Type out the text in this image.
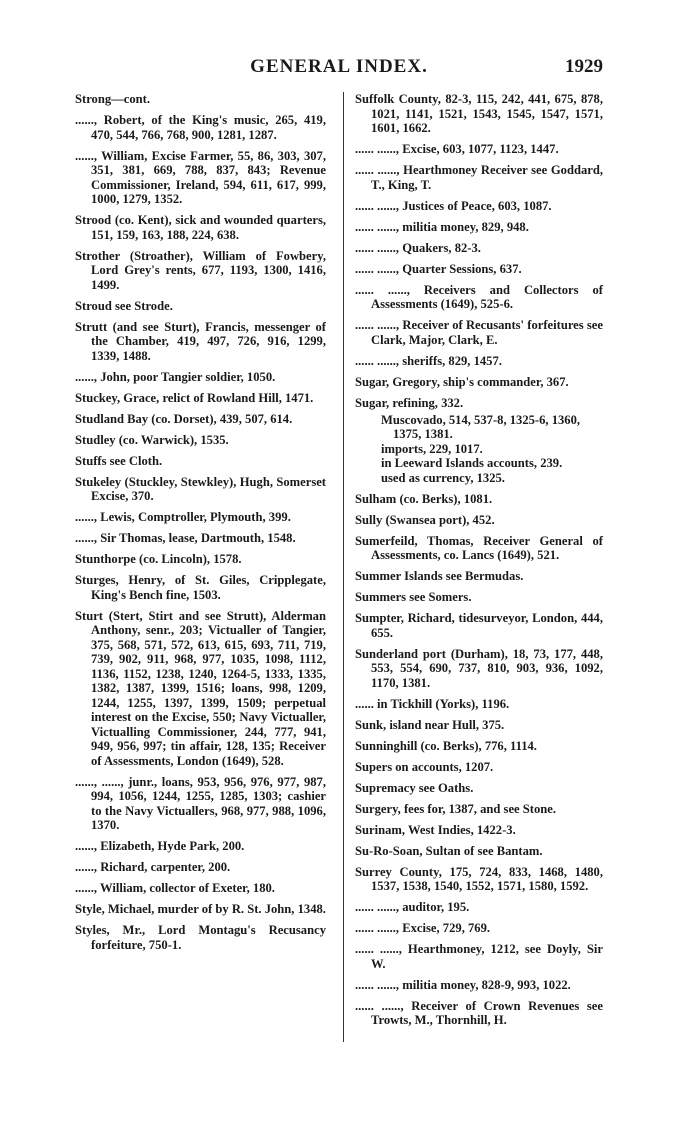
GENERAL INDEX.	1929

Strong—cont.

......, Robert, of the King's music, 265, 419, 470, 544, 766, 768, 900, 1281, 1287.

......, William, Excise Farmer, 55, 86, 303, 307, 351, 381, 669, 788, 837, 843; Revenue Commissioner, Ireland, 594, 611, 617, 999, 1000, 1279, 1352.

Strood (co. Kent), sick and wounded quarters, 151, 159, 163, 188, 224, 638.

Strother (Stroather), William of Fowbery, Lord Grey's rents, 677, 1193, 1300, 1416, 1499.

Stroud see Strode.

Strutt (and see Sturt), Francis, messenger of the Chamber, 419, 497, 726, 916, 1299, 1339, 1488.

......, John, poor Tangier soldier, 1050.

Stuckey, Grace, relict of Rowland Hill, 1471.

Studland Bay (co. Dorset), 439, 507, 614.

Studley (co. Warwick), 1535.

Stuffs see Cloth.

Stukeley (Stuckley, Stewkley), Hugh, Somerset Excise, 370.

......, Lewis, Comptroller, Plymouth, 399.

......, Sir Thomas, lease, Dartmouth, 1548.

Stunthorpe (co. Lincoln), 1578.

Sturges, Henry, of St. Giles, Cripplegate, King's Bench fine, 1503.

Sturt (Stert, Stirt and see Strutt), Alderman Anthony, senr., 203; Victualler of Tangier, 375, 568, 571, 572, 613, 615, 693, 711, 719, 739, 902, 911, 968, 977, 1035, 1098, 1112, 1136, 1152, 1238, 1240, 1264-5, 1333, 1335, 1382, 1387, 1399, 1516; loans, 998, 1209, 1244, 1255, 1397, 1399, 1509; perpetual interest on the Excise, 550; Navy Victualler, Victualling Commissioner, 244, 777, 941, 949, 956, 997; tin affair, 128, 135; Receiver of Assessments, London (1649), 528.

......, ......, junr., loans, 953, 956, 976, 977, 987, 994, 1056, 1244, 1255, 1285, 1303; cashier to the Navy Victuallers, 968, 977, 988, 1096, 1370.

......, Elizabeth, Hyde Park, 200.

......, Richard, carpenter, 200.

......, William, collector of Exeter, 180.

Style, Michael, murder of by R. St. John, 1348.

Styles, Mr., Lord Montagu's Recusancy forfeiture, 750-1.

Suffolk County, 82-3, 115, 242, 441, 675, 878, 1021, 1141, 1521, 1543, 1545, 1547, 1571, 1601, 1662.

...... ......, Excise, 603, 1077, 1123, 1447.

...... ......, Hearthmoney Receiver see Goddard, T., King, T.

...... ......, Justices of Peace, 603, 1087.

...... ......, militia money, 829, 948.

...... ......, Quakers, 82-3.

...... ......, Quarter Sessions, 637.

...... ......, Receivers and Collectors of Assessments (1649), 525-6.

...... ......, Receiver of Recusants' forfeitures see Clark, Major, Clark, E.

...... ......, sheriffs, 829, 1457.

Sugar, Gregory, ship's commander, 367.

Sugar, refining, 332.

Muscovado, 514, 537-8, 1325-6, 1360, 1375, 1381.

imports, 229, 1017.

in Leeward Islands accounts, 239.

used as currency, 1325.

Sulham (co. Berks), 1081.

Sully (Swansea port), 452.

Sumerfeild, Thomas, Receiver General of Assessments, co. Lancs (1649), 521.

Summer Islands see Bermudas.

Summers see Somers.

Sumpter, Richard, tidesurveyor, London, 444, 655.

Sunderland port (Durham), 18, 73, 177, 448, 553, 554, 690, 737, 810, 903, 936, 1092, 1170, 1381.

...... in Tickhill (Yorks), 1196.

Sunk, island near Hull, 375.

Sunninghill (co. Berks), 776, 1114.

Supers on accounts, 1207.

Supremacy see Oaths.

Surgery, fees for, 1387, and see Stone.

Surinam, West Indies, 1422-3.

Su-Ro-Soan, Sultan of see Bantam.

Surrey County, 175, 724, 833, 1468, 1480, 1537, 1538, 1540, 1552, 1571, 1580, 1592.

...... ......, auditor, 195.

...... ......, Excise, 729, 769.

...... ......, Hearthmoney, 1212, see Doyly, Sir W.

...... ......, militia money, 828-9, 993, 1022.

...... ......, Receiver of Crown Revenues see Trowts, M., Thornhill, H.
